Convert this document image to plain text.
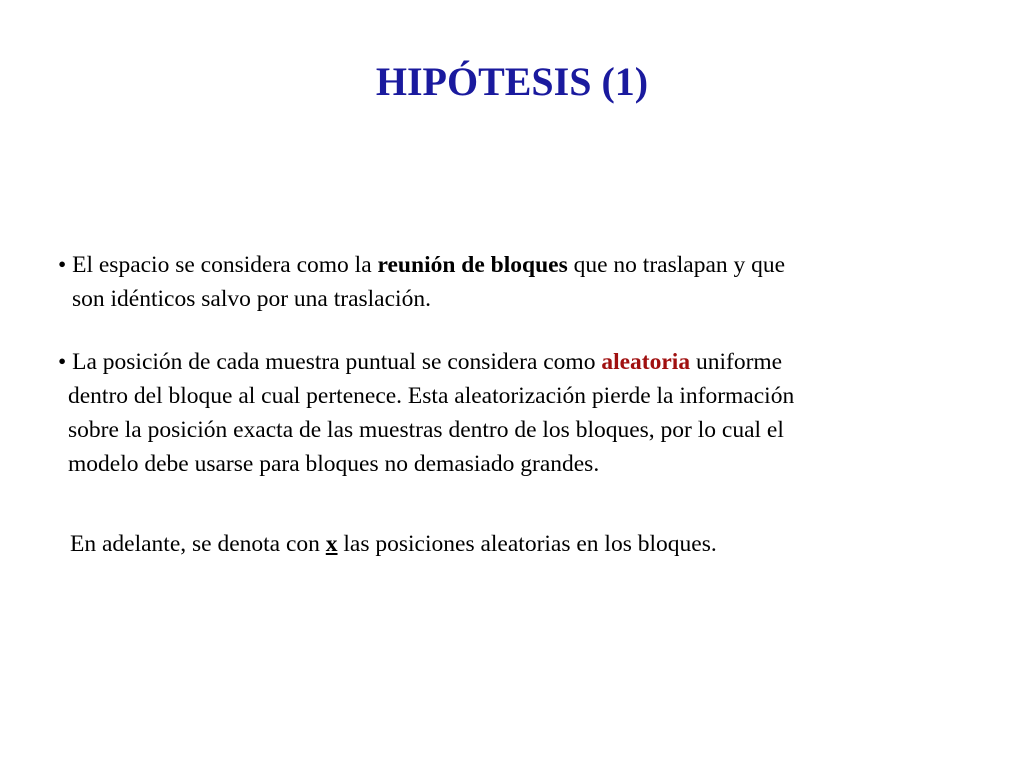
HIPÓTESIS (1)
• El espacio se considera como la reunión de bloques que no traslapan y que
son idénticos salvo por una traslación.
• La posición de cada muestra puntual se considera como aleatoria uniforme
dentro del bloque al cual pertenece. Esta aleatorización pierde la información
sobre la posición exacta de las muestras dentro de los bloques, por lo cual el
modelo debe usarse para bloques no demasiado grandes.
En adelante, se denota con x las posiciones aleatorias en los bloques.
